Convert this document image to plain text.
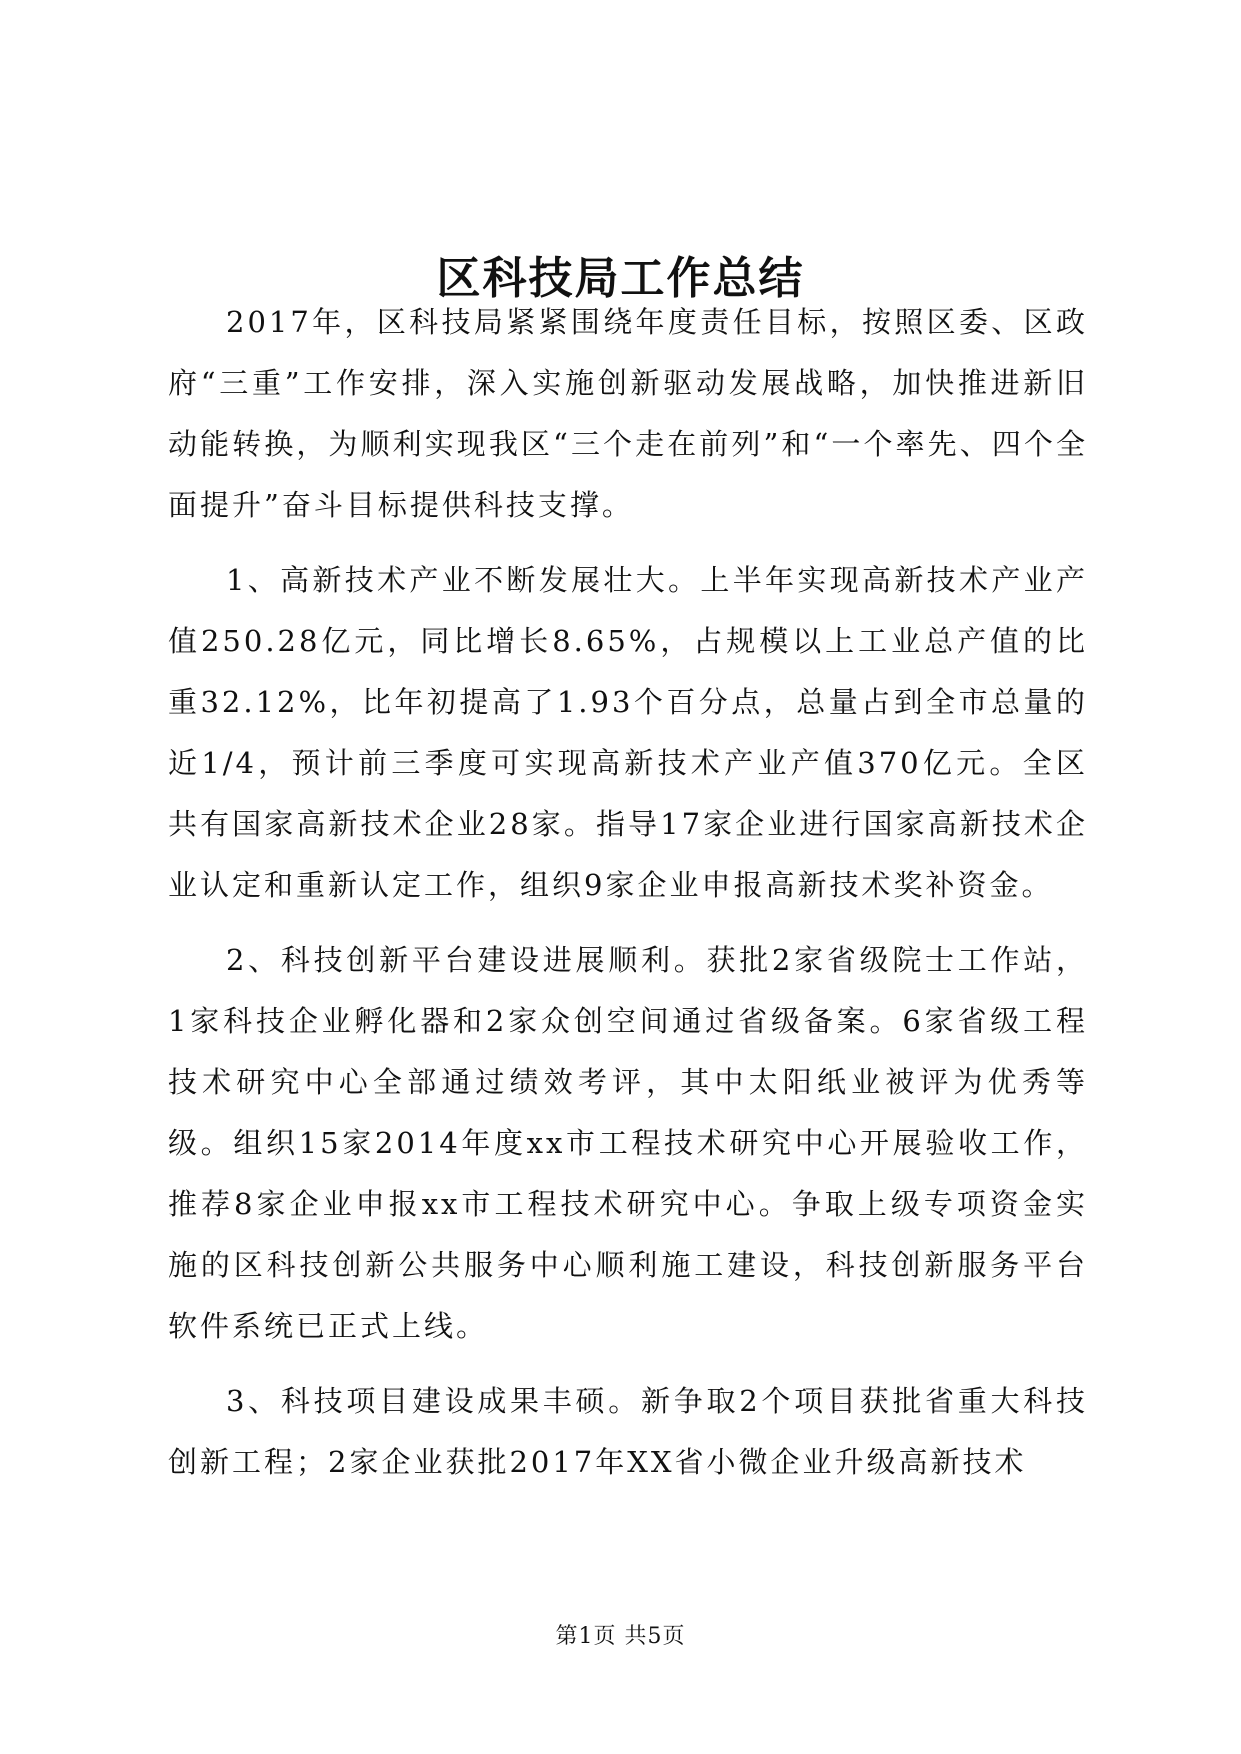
区科技局工作总结

2017年，区科技局紧紧围绕年度责任目标，按照区委、区政府“三重”工作安排，深入实施创新驱动发展战略，加快推进新旧动能转换，为顺利实现我区“三个走在前列”和“一个率先、四个全面提升”奋斗目标提供科技支撑。

1、高新技术产业不断发展壮大。上半年实现高新技术产业产值250.28亿元，同比增长8.65%，占规模以上工业总产值的比重32.12%，比年初提高了1.93个百分点，总量占到全市总量的近1/4，预计前三季度可实现高新技术产业产值370亿元。全区共有国家高新技术企业28家。指导17家企业进行国家高新技术企业认定和重新认定工作，组织9家企业申报高新技术奖补资金。

2、科技创新平台建设进展顺利。获批2家省级院士工作站，1家科技企业孵化器和2家众创空间通过省级备案。6家省级工程技术研究中心全部通过绩效考评，其中太阳纸业被评为优秀等级。组织15家2014年度xx市工程技术研究中心开展验收工作，推荐8家企业申报xx市工程技术研究中心。争取上级专项资金实施的区科技创新公共服务中心顺利施工建设，科技创新服务平台软件系统已正式上线。

3、科技项目建设成果丰硕。新争取2个项目获批省重大科技创新工程；2家企业获批2017年XX省小微企业升级高新技术

第1页 共5页
